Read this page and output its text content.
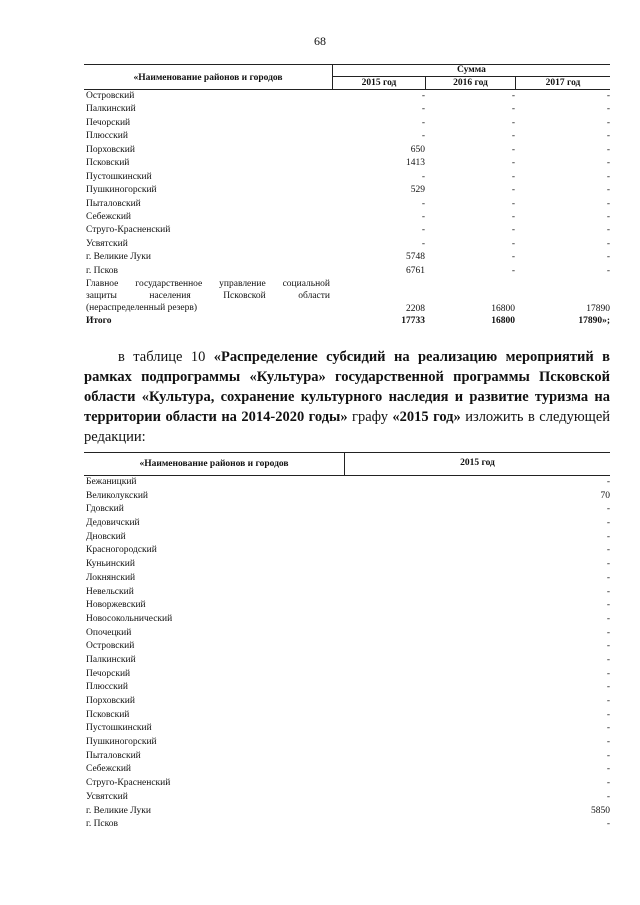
68
«Наименование районов и городов
Сумма
2015 год	2016 год	2017 год
Островский	-	-	-
Палкинский	-	-	-
Печорский	-	-	-
Плюсский	-	-	-
Порховский	650	-	-
Псковский	1413	-	-
Пустошкинский	-	-	-
Пушкиногорский	529	-	-
Пыталовский	-	-	-
Себежский	-	-	-
Струго-Красненский	-	-	-
Усвятский	-	-	-
г. Великие Луки	5748	-	-
г. Псков	6761	-	-
Главное государственное управление социальной
защиты населения Псковской области
(нераспределенный резерв)	2208	16800	17890
Итого	17733	16800	17890»;
в таблице 10 «Распределение субсидий на реализацию мероприятий в рамках подпрограммы «Культура» государственной программы Псковской области «Культура, сохранение культурного наследия и развитие туризма на территории области на 2014-2020 годы» графу «2015 год» изложить в следующей редакции:
«Наименование районов и городов	2015 год
Бежаницкий	-
Великолукский	70
Гдовский	-
Дедовичский	-
Дновский	-
Красногородский	-
Куньинский	-
Локнянский	-
Невельский	-
Новоржевский	-
Новосокольнический	-
Опочецкий	-
Островский	-
Палкинский	-
Печорский	-
Плюсский	-
Порховский	-
Псковский	-
Пустошкинский	-
Пушкиногорский	-
Пыталовский	-
Себежский	-
Струго-Красненский	-
Усвятский	-
г. Великие Луки	5850
г. Псков	-
